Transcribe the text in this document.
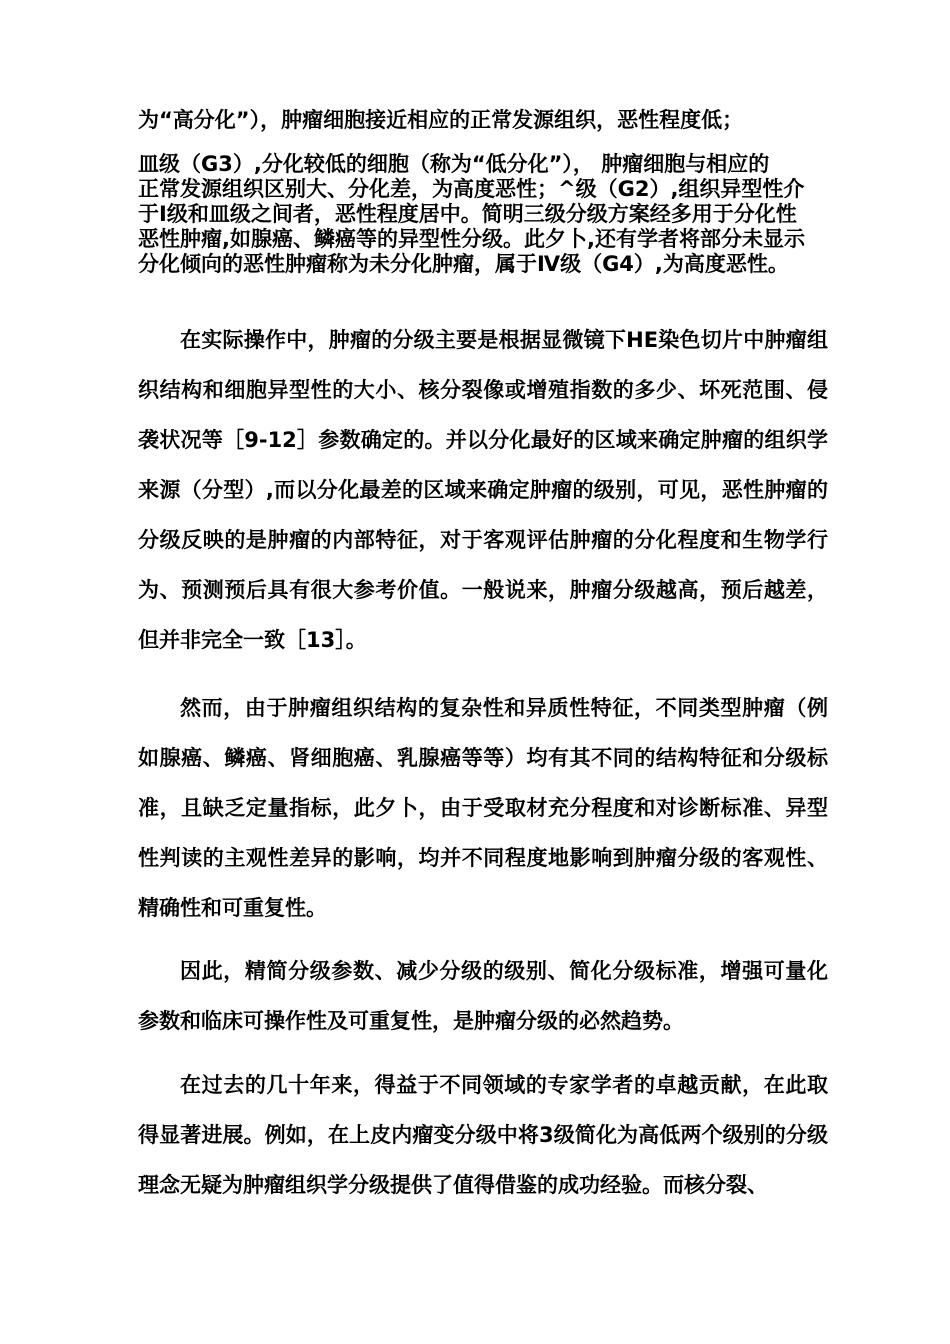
为“高分化”），肿瘤细胞接近相应的正常发源组织，恶性程度低；
皿级（G3）,分化较低的细胞（称为“低分化”）， 肿瘤细胞与相应的
正常发源组织区别大、分化差，为高度恶性；^级（G2）,组织异型性介
于Ⅰ级和皿级之间者，恶性程度居中。简明三级分级方案经多用于分化性
恶性肿瘤,如腺癌、鳞癌等的异型性分级。此夕卜,还有学者将部分未显示
分化倾向的恶性肿瘤称为未分化肿瘤，属于Ⅳ级（G4）,为高度恶性。

在实际操作中，肿瘤的分级主要是根据显微镜下HE染色切片中肿瘤组织结构和细胞异型性的大小、核分裂像或增殖指数的多少、坏死范围、侵袭状况等［9-12］参数确定的。并以分化最好的区域来确定肿瘤的组织学来源（分型）,而以分化最差的区域来确定肿瘤的级别，可见，恶性肿瘤的分级反映的是肿瘤的内部特征，对于客观评估肿瘤的分化程度和生物学行为、预测预后具有很大参考价值。一般说来，肿瘤分级越高，预后越差，但并非完全一致［13］。

然而，由于肿瘤组织结构的复杂性和异质性特征，不同类型肿瘤（例如腺癌、鳞癌、肾细胞癌、乳腺癌等等）均有其不同的结构特征和分级标准，且缺乏定量指标，此夕卜，由于受取材充分程度和对诊断标准、异型性判读的主观性差异的影响，均并不同程度地影响到肿瘤分级的客观性、精确性和可重复性。

因此，精简分级参数、减少分级的级别、简化分级标准，增强可量化参数和临床可操作性及可重复性，是肿瘤分级的必然趋势。

在过去的几十年来，得益于不同领域的专家学者的卓越贡献，在此取得显著进展。例如，在上皮内瘤变分级中将3级简化为高低两个级别的分级理念无疑为肿瘤组织学分级提供了值得借鉴的成功经验。而核分裂、
